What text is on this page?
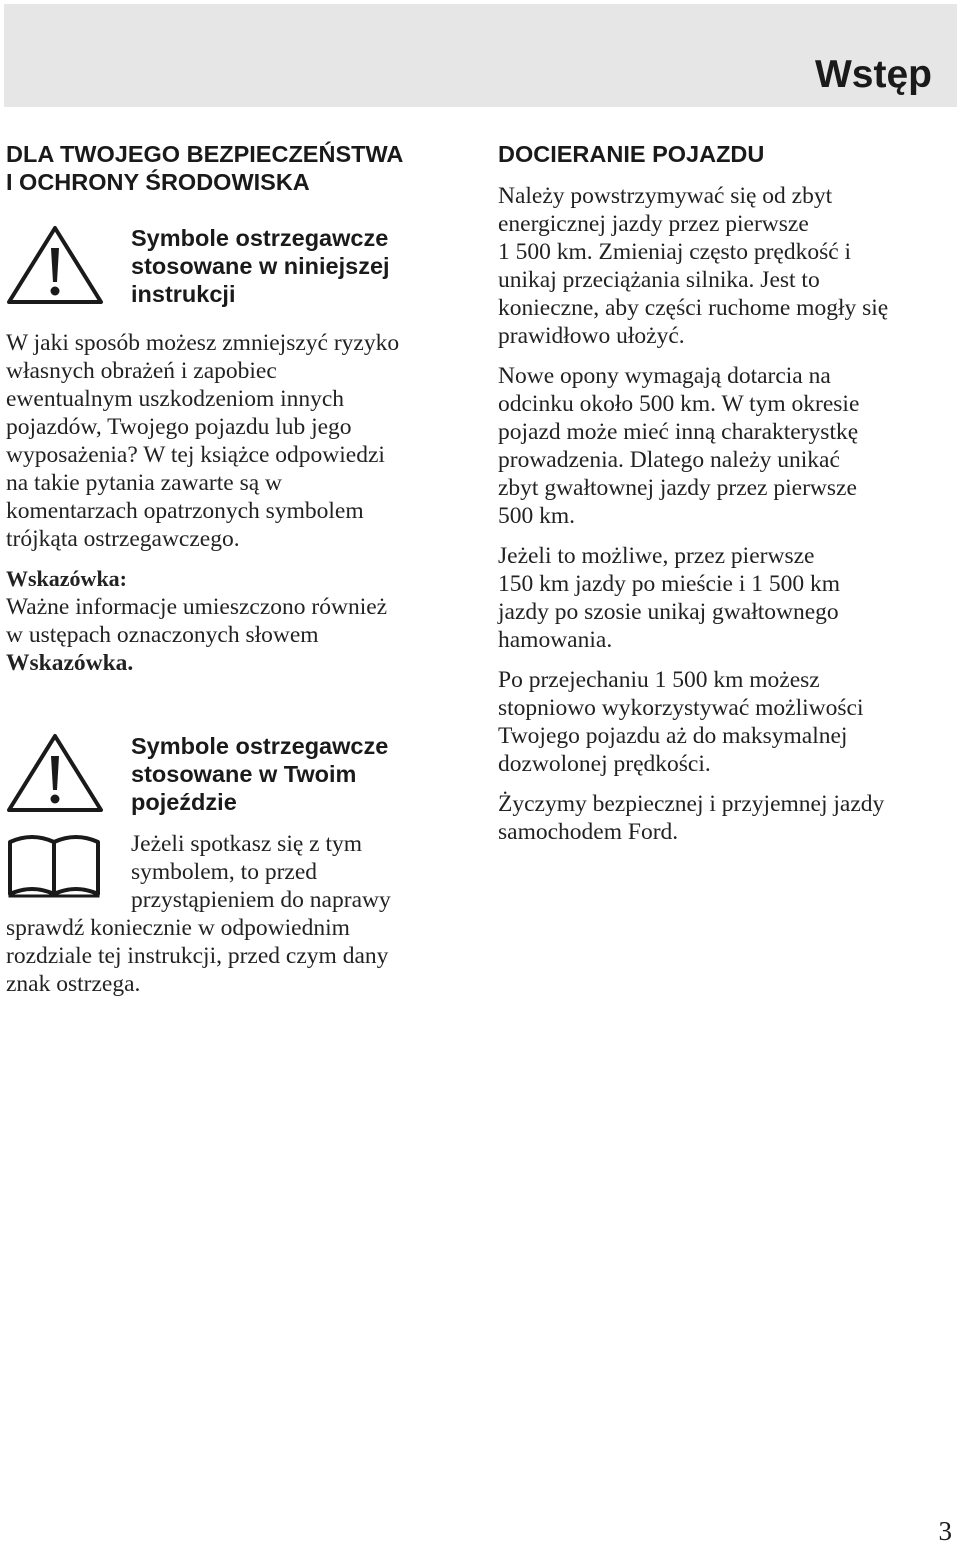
Wstęp
DLA TWOJEGO BEZPIECZEŃSTWA
I OCHRONY ŚRODOWISKA
Symbole ostrzegawcze
stosowane w niniejszej
instrukcji

W jaki sposób możesz zmniejszyć ryzyko
własnych obrażeń i zapobiec
ewentualnym uszkodzeniom innych
pojazdów, Twojego pojazdu lub jego
wyposażenia? W tej książce odpowiedzi
na takie pytania zawarte są w
komentarzach opatrzonych symbolem
trójkąta ostrzegawczego.

Wskazówka:

Ważne informacje umieszczono również
w ustępach oznaczonych słowem
Wskazówka.

Symbole ostrzegawcze
stosowane w Twoim
pojeździe

Jeżeli spotkasz się z tym
symbolem, to przed
przystąpieniem do naprawy
sprawdź koniecznie w odpowiednim
rozdziale tej instrukcji, przed czym dany
znak ostrzega.

DOCIERANIE POJAZDU

Należy powstrzymywać się od zbyt
energicznej jazdy przez pierwsze
1 500 km. Zmieniaj często prędkość i
unikaj przeciążania silnika. Jest to
konieczne, aby części ruchome mogły się
prawidłowo ułożyć.

Nowe opony wymagają dotarcia na
odcinku około 500 km. W tym okresie
pojazd może mieć inną charakterystkę
prowadzenia. Dlatego należy unikać
zbyt gwałtownej jazdy przez pierwsze
500 km.

Jeżeli to możliwe, przez pierwsze
150 km jazdy po mieście i 1 500 km
jazdy po szosie unikaj gwałtownego
hamowania.

Po przejechaniu 1 500 km możesz
stopniowo wykorzystywać możliwości
Twojego pojazdu aż do maksymalnej
dozwolonej prędkości.

Życzymy bezpiecznej i przyjemnej jazdy
samochodem Ford.

3
